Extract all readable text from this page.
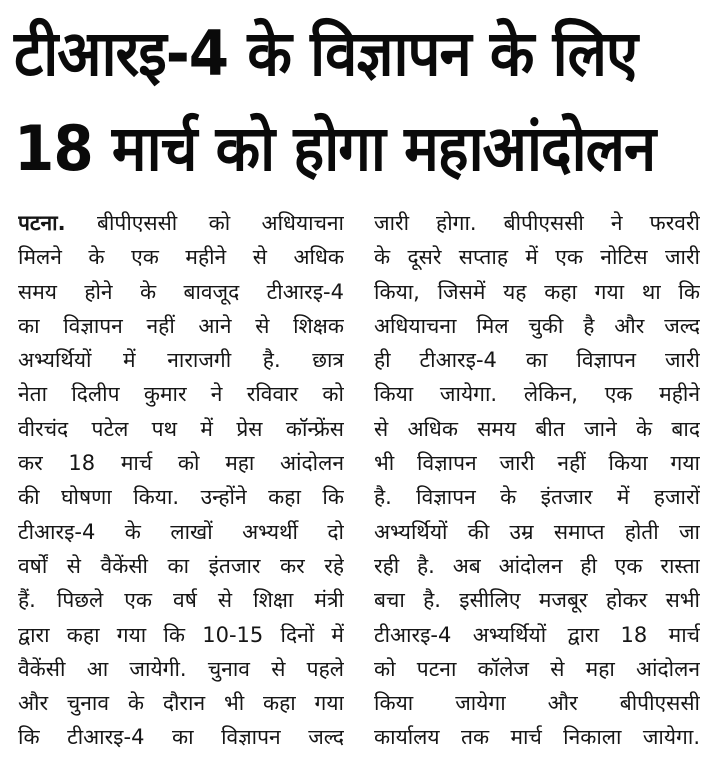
टीआरइ-4 के विज्ञापन के लिए
18 मार्च को होगा महाआंदोलन
पटना. बीपीएससी को अधियाचना
मिलने के एक महीने से अधिक
समय होने के बावजूद टीआरइ-4
का विज्ञापन नहीं आने से शिक्षक
अभ्यर्थियों में नाराजगी है. छात्र
नेता दिलीप कुमार ने रविवार को
वीरचंद पटेल पथ में प्रेस कॉन्फ्रेंस
कर 18 मार्च को महा आंदोलन
की घोषणा किया. उन्होंने कहा कि
टीआरइ-4 के लाखों अभ्यर्थी दो
वर्षों से वैकेंसी का इंतजार कर रहे
हैं. पिछले एक वर्ष से शिक्षा मंत्री
द्वारा कहा गया कि 10-15 दिनों में
वैकेंसी आ जायेगी. चुनाव से पहले
और चुनाव के दौरान भी कहा गया
कि टीआरइ-4 का विज्ञापन जल्द
जारी होगा. बीपीएससी ने फरवरी
के दूसरे सप्ताह में एक नोटिस जारी
किया, जिसमें यह कहा गया था कि
अधियाचना मिल चुकी है और जल्द
ही टीआरइ-4 का विज्ञापन जारी
किया जायेगा. लेकिन, एक महीने
से अधिक समय बीत जाने के बाद
भी विज्ञापन जारी नहीं किया गया
है. विज्ञापन के इंतजार में हजारों
अभ्यर्थियों की उम्र समाप्त होती जा
रही है. अब आंदोलन ही एक रास्ता
बचा है. इसीलिए मजबूर होकर सभी
टीआरइ-4 अभ्यर्थियों द्वारा 18 मार्च
को पटना कॉलेज से महा आंदोलन
किया जायेगा और बीपीएससी
कार्यालय तक मार्च निकाला जायेगा.
